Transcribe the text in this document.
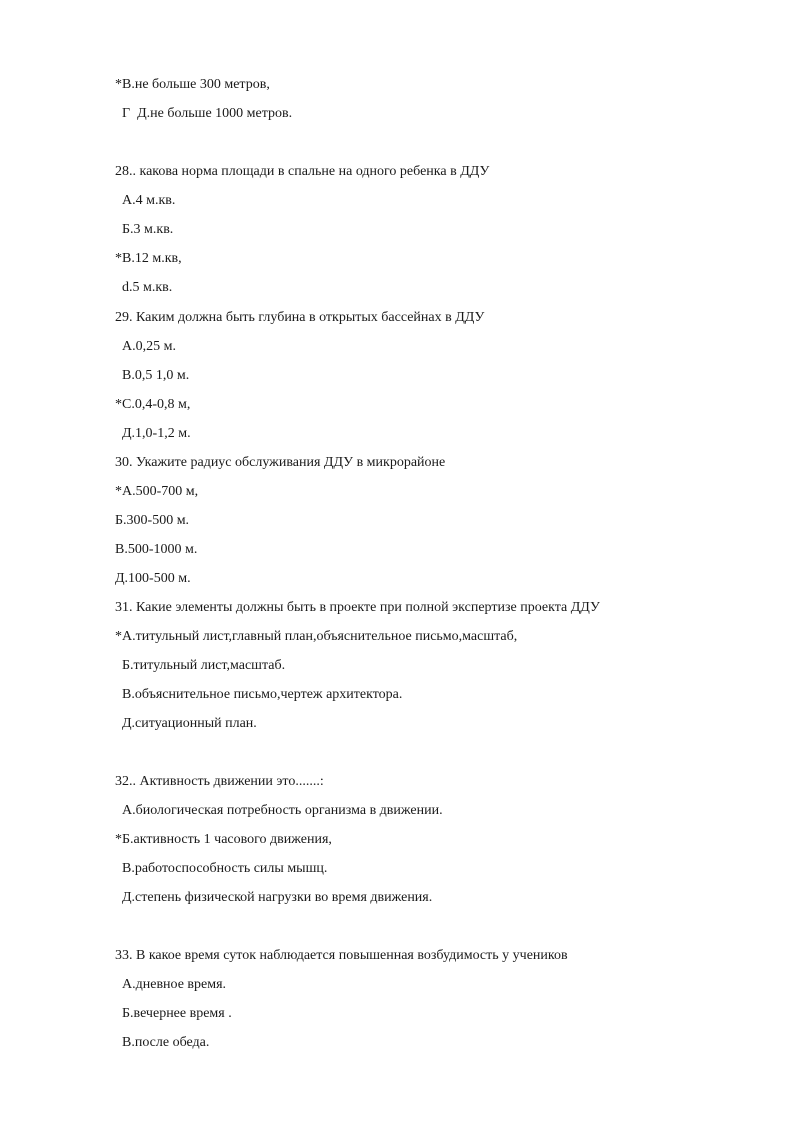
*В.не больше 300 метров,

Г  Д.не больше 1000 метров.

28.. какова норма площади в спальне на одного ребенка в ДДУ

А.4 м.кв.

Б.3 м.кв.

*В.12 м.кв,

d.5 м.кв.

29. Каким должна быть глубина в открытых бассейнах в ДДУ

А.0,25 м.

В.0,5 1,0 м.

*С.0,4-0,8 м,

Д.1,0-1,2 м.

30. Укажите радиус обслуживания ДДУ в микрорайоне

*А.500-700 м,

Б.300-500 м.

В.500-1000 м.

Д.100-500 м.

31. Какие элементы должны быть в проекте при полной экспертизе проекта ДДУ

*А.титульный лист,главный план,объяснительное письмо,масштаб,

Б.титульный лист,масштаб.

В.объяснительное письмо,чертеж архитектора.

Д.ситуационный план.

32.. Активность движении это.......:

А.биологическая потребность организма в движении.

*Б.активность 1 часового движения,

В.работоспособность силы мышц.

Д.степень физической нагрузки во время движения.

33. В какое время суток наблюдается повышенная возбудимость у учеников

А.дневное время.

Б.вечернее время .

В.после обеда.
